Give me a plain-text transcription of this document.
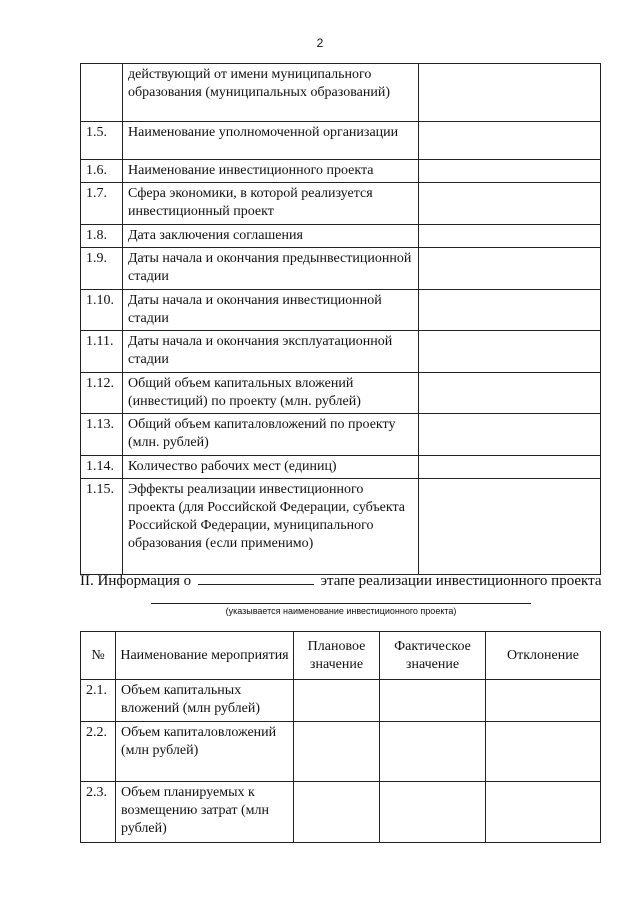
2
	действующий от имени муниципального образования (муниципальных образований)	
1.5.	Наименование уполномоченной организации	
1.6.	Наименование инвестиционного проекта	
1.7.	Сфера экономики, в которой реализуется инвестиционный проект	
1.8.	Дата заключения соглашения	
1.9.	Даты начала и окончания предынвестиционной стадии	
1.10.	Даты начала и окончания инвестиционной стадии	
1.11.	Даты начала и окончания эксплуатационной стадии	
1.12.	Общий объем капитальных вложений (инвестиций) по проекту (млн. рублей)	
1.13.	Общий объем капиталовложений по проекту (млн. рублей)	
1.14.	Количество рабочих мест (единиц)	
1.15.	Эффекты реализации инвестиционного проекта (для Российской Федерации, субъекта Российской Федерации, муниципального образования (если применимо)	
II. Информация о	этапе реализации инвестиционного проекта
(указывается наименование инвестиционного проекта)
№	Наименование мероприятия	Плановое значение	Фактическое значение	Отклонение
2.1.	Объем капитальных вложений (млн рублей)			
2.2.	Объем капиталовложений (млн рублей)			
2.3.	Объем планируемых к возмещению затрат (млн рублей)			
